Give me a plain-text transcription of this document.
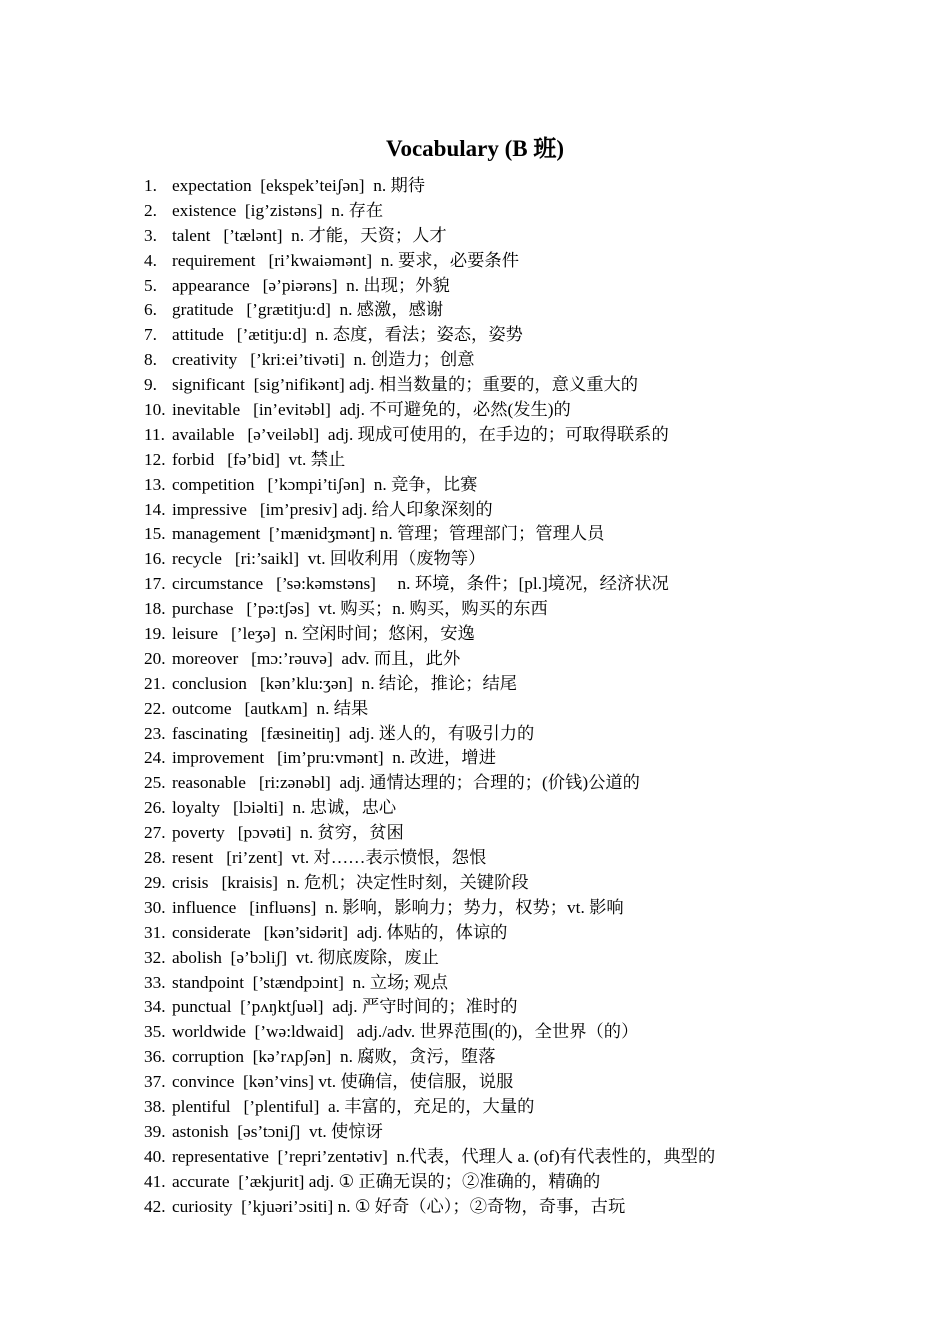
Vocabulary (B 班)
1. expectation  [ekspek’teiʃən]  n. 期待
2. existence  [ig’zistəns]  n. 存在
3. talent   [’tælənt]  n. 才能，天资；人才
4. requirement   [ri’kwaiəmənt]  n. 要求，必要条件
5. appearance   [ə’piərəns]  n. 出现；外貌
6. gratitude   [’grætitju:d]  n. 感激，感谢
7. attitude   [’ætitju:d]  n. 态度，看法；姿态，姿势
8. creativity   [’kri:ei’tivəti]  n. 创造力；创意
9. significant  [sig’nifikənt] adj. 相当数量的；重要的，意义重大的
10. inevitable   [in’evitəbl]  adj. 不可避免的，必然(发生)的
11. available   [ə’veiləbl]  adj. 现成可使用的，在手边的；可取得联系的
12. forbid   [fə’bid]  vt. 禁止
13. competition   [’kɔmpi’tiʃən]  n. 竞争，比赛
14. impressive   [im’presiv] adj. 给人印象深刻的
15. management  [’mænidʒmənt] n. 管理；管理部门；管理人员
16. recycle   [ri:’saikl]  vt. 回收利用（废物等）
17. circumstance   [’sə:kəmstəns]     n. 环境，条件；[pl.]境况，经济状况
18. purchase   [’pə:tʃəs]  vt. 购买；n. 购买，购买的东西
19. leisure   [’leʒə]  n. 空闲时间；悠闲，安逸
20. moreover   [mɔ:’rəuvə]  adv. 而且，此外
21. conclusion   [kən’klu:ʒən]  n. 结论，推论；结尾
22. outcome   [autkʌm]  n. 结果
23. fascinating   [fæsineitiŋ]  adj. 迷人的，有吸引力的
24. improvement   [im’pru:vmənt]  n. 改进，增进
25. reasonable   [ri:zənəbl]  adj. 通情达理的；合理的；(价钱)公道的
26. loyalty   [lɔiəlti]  n. 忠诚，忠心
27. poverty   [pɔvəti]  n. 贫穷，贫困
28. resent   [ri’zent]  vt. 对……表示愤恨，怨恨
29. crisis   [kraisis]  n. 危机；决定性时刻，关键阶段
30. influence   [influəns]  n. 影响，影响力；势力，权势；vt. 影响
31. considerate   [kən’sidərit]  adj. 体贴的，体谅的
32. abolish  [ə’bɔliʃ]  vt. 彻底废除，废止
33. standpoint  [’stændpɔint]  n. 立场; 观点
34. punctual  [’pʌŋktʃuəl]  adj. 严守时间的；准时的
35. worldwide  [’wə:ldwaid]   adj./adv. 世界范围(的)，全世界（的）
36. corruption  [kə’rʌpʃən]  n. 腐败，贪污，堕落
37. convince  [kən’vins] vt. 使确信，使信服，说服
38. plentiful   [’plentiful]  a. 丰富的，充足的，大量的
39. astonish  [əs’tɔniʃ]  vt. 使惊讶
40. representative  [’repri’zentətiv]  n.代表，代理人 a. (of)有代表性的，典型的
41. accurate  [’ækjurit] adj. ① 正确无误的；②准确的，精确的
42. curiosity  [’kjuəri’ɔsiti] n. ① 好奇（心）；②奇物，奇事，古玩
